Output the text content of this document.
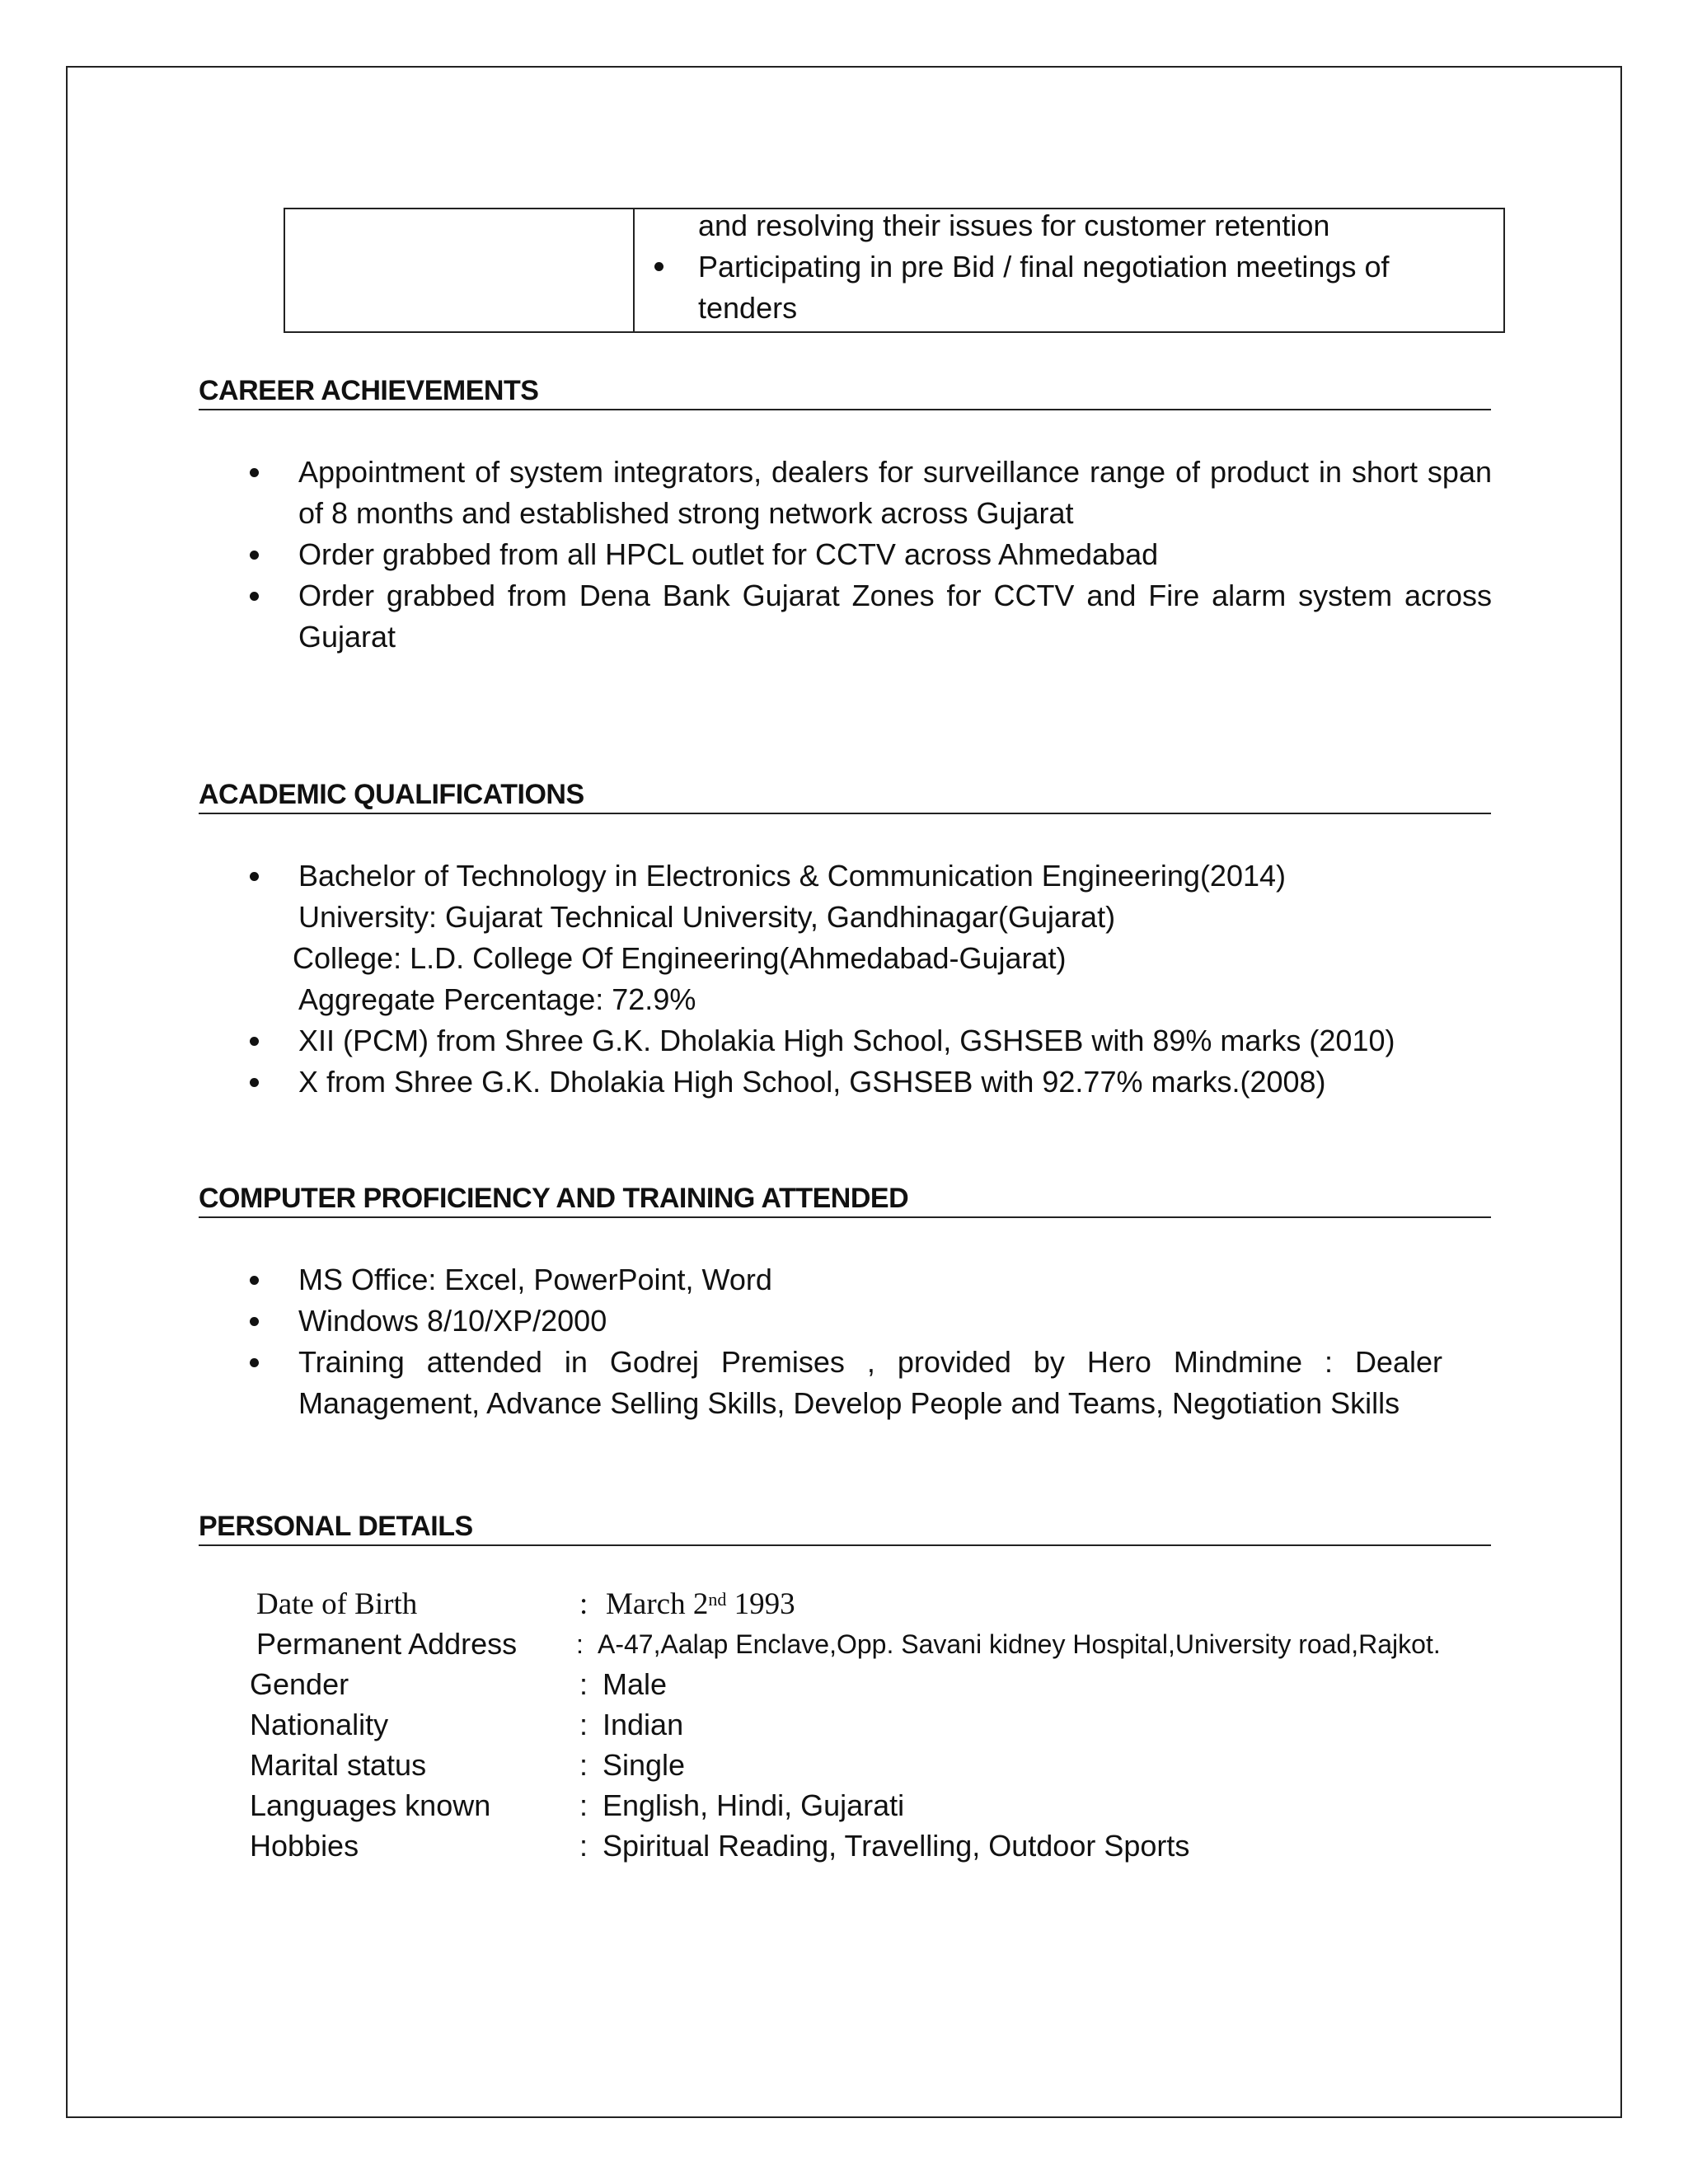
and resolving their issues for customer retention
Participating in pre Bid / final negotiation meetings of
tenders
CAREER ACHIEVEMENTS
Appointment of system integrators, dealers for surveillance range of product in short span of 8 months and established strong network across Gujarat
Order grabbed from all HPCL outlet for CCTV across Ahmedabad
Order grabbed from Dena Bank Gujarat Zones for CCTV and Fire alarm system across Gujarat
ACADEMIC QUALIFICATIONS
Bachelor of Technology in Electronics & Communication Engineering(2014)
University: Gujarat Technical University, Gandhinagar(Gujarat)
College: L.D. College Of Engineering(Ahmedabad-Gujarat)
Aggregate Percentage: 72.9%
XII (PCM) from Shree G.K. Dholakia High School, GSHSEB with 89% marks (2010)
X from Shree G.K. Dholakia High School, GSHSEB with 92.77% marks.(2008)
COMPUTER PROFICIENCY AND TRAINING ATTENDED
MS Office: Excel, PowerPoint, Word
Windows 8/10/XP/2000
Training attended in Godrej Premises , provided by Hero Mindmine : Dealer Management, Advance Selling Skills, Develop People and Teams, Negotiation Skills
PERSONAL DETAILS
Date of Birth	: March 2nd 1993
Permanent Address : A-47,Aalap Enclave,Opp. Savani kidney Hospital,University road,Rajkot.
Gender	: Male
Nationality	: Indian
Marital status	: Single
Languages known	: English, Hindi, Gujarati
Hobbies	: Spiritual Reading, Travelling, Outdoor Sports
